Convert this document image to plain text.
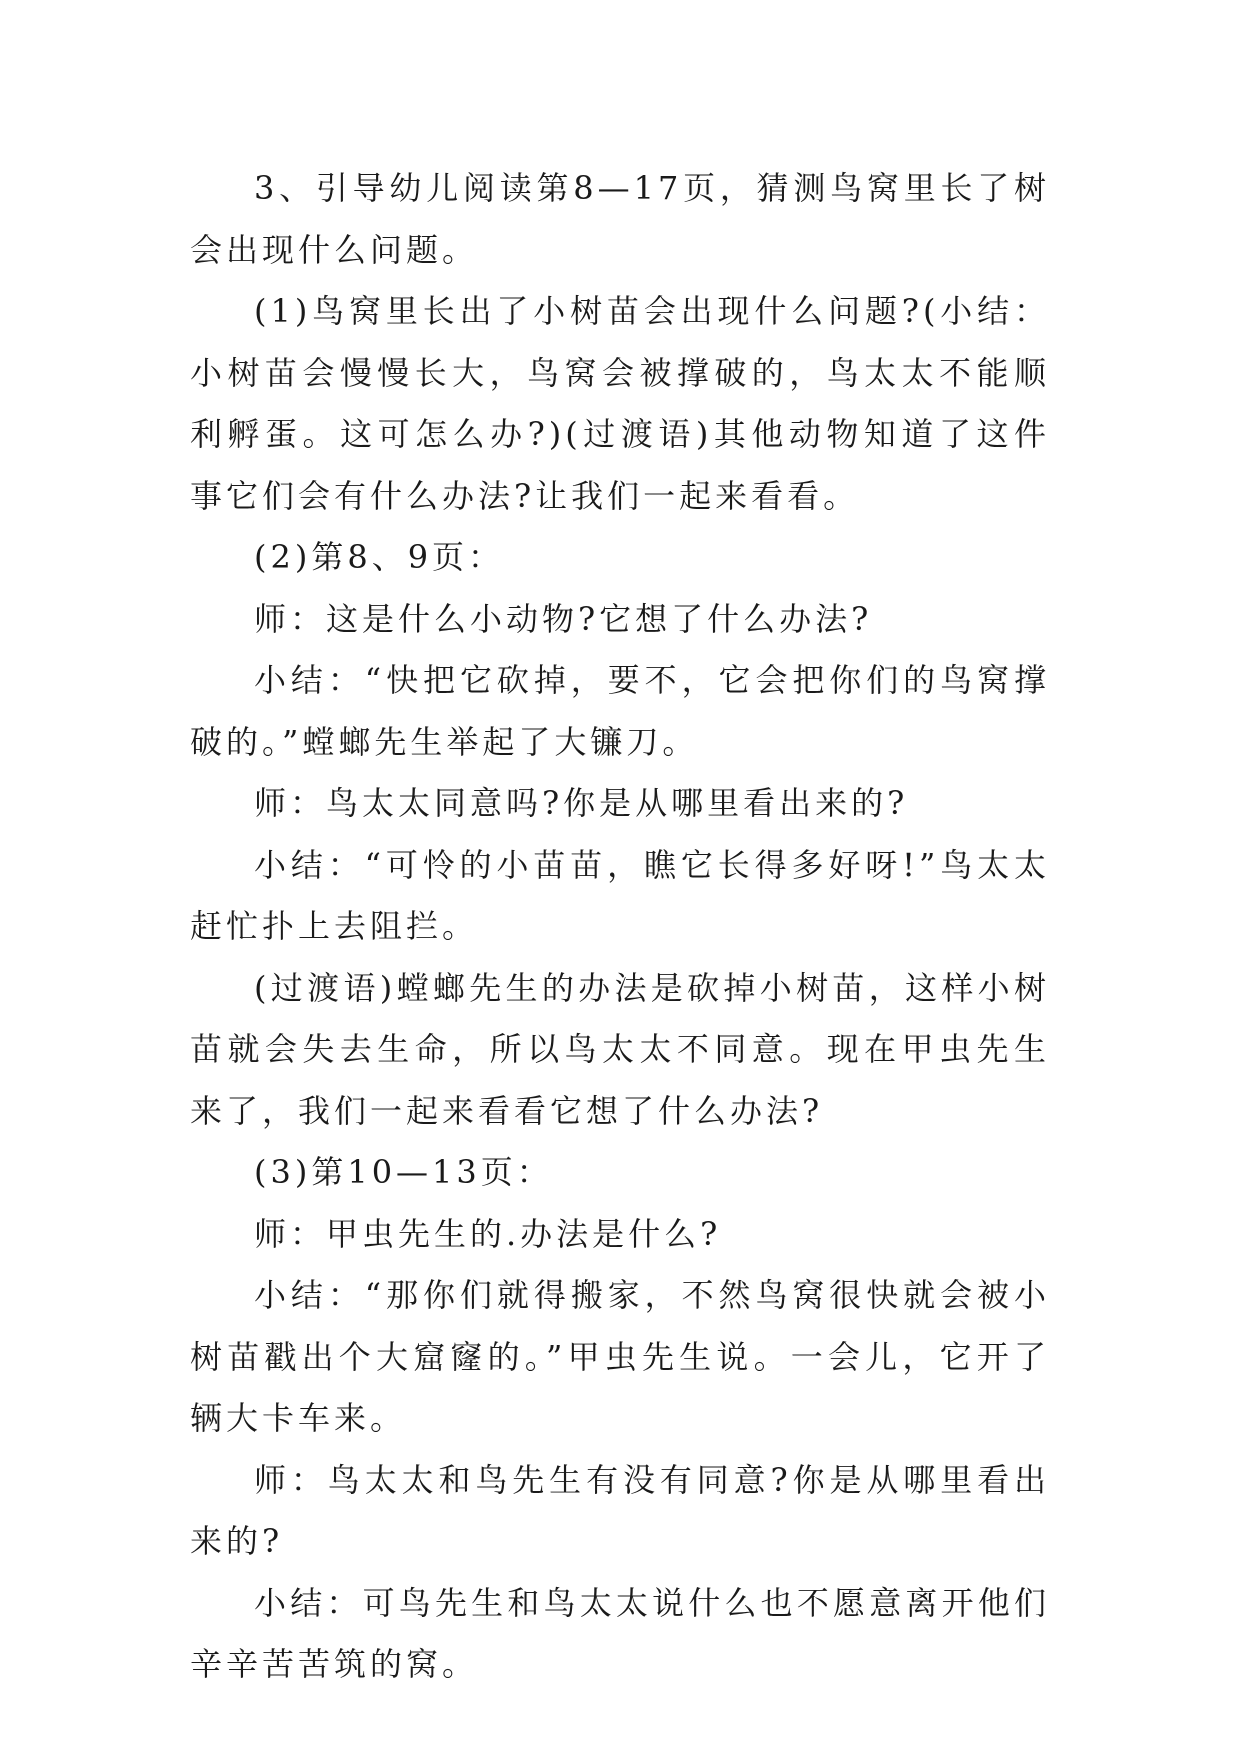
3、引导幼儿阅读第8—17页，猜测鸟窝里长了树会出现什么问题。

(1)鸟窝里长出了小树苗会出现什么问题?(小结：小树苗会慢慢长大，鸟窝会被撑破的，鸟太太不能顺利孵蛋。这可怎么办?)(过渡语)其他动物知道了这件事它们会有什么办法?让我们一起来看看。

(2)第8、9页：

师：这是什么小动物?它想了什么办法?

小结：“快把它砍掉，要不，它会把你们的鸟窝撑破的。”螳螂先生举起了大镰刀。

师：鸟太太同意吗?你是从哪里看出来的?

小结：“可怜的小苗苗，瞧它长得多好呀!”鸟太太赶忙扑上去阻拦。

(过渡语)螳螂先生的办法是砍掉小树苗，这样小树苗就会失去生命，所以鸟太太不同意。现在甲虫先生来了，我们一起来看看它想了什么办法?

(3)第10—13页：

师：甲虫先生的.办法是什么?

小结：“那你们就得搬家，不然鸟窝很快就会被小树苗戳出个大窟窿的。”甲虫先生说。一会儿，它开了辆大卡车来。

师：鸟太太和鸟先生有没有同意?你是从哪里看出来的?

小结：可鸟先生和鸟太太说什么也不愿意离开他们辛辛苦苦筑的窝。
